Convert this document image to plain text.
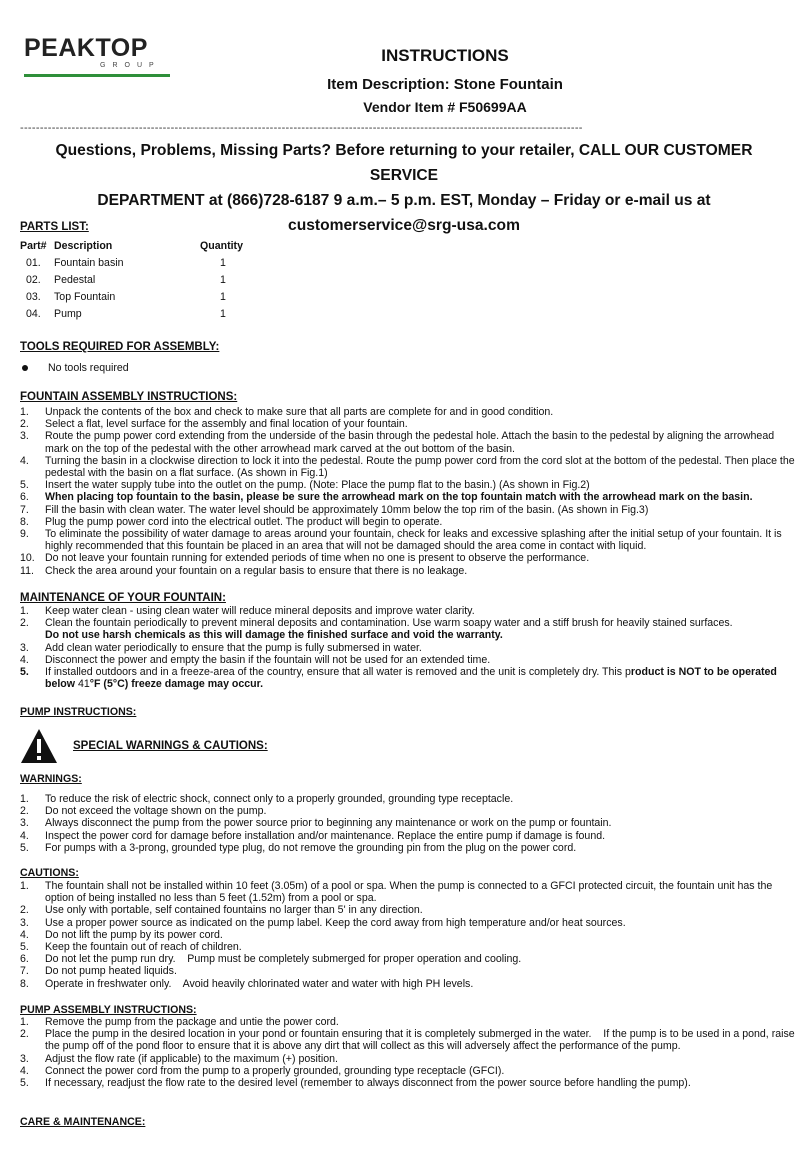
PEAKTOP
GROUP
INSTRUCTIONS
Item Description: Stone Fountain
Vendor Item # F50699AA
----------------------------------------------------------------------------------------------------------------------------------------------
Questions, Problems, Missing Parts? Before returning to your retailer, CALL OUR CUSTOMER SERVICE
DEPARTMENT at (866)728-6187 9 a.m.– 5 p.m. EST, Monday – Friday or e-mail us at
customerservice@srg-usa.com
PARTS LIST:
Part#	Description	Quantity
01.	Fountain basin	1
02.	Pedestal	1
03.	Top Fountain	1
04.	Pump	1
TOOLS REQUIRED FOR ASSEMBLY:
No tools required
FOUNTAIN ASSEMBLY INSTRUCTIONS:
1. Unpack the contents of the box and check to make sure that all parts are complete for and in good condition.
2. Select a flat, level surface for the assembly and final location of your fountain.
3. Route the pump power cord extending from the underside of the basin through the pedestal hole. Attach the basin to the pedestal by aligning the arrowhead mark on the top of the pedestal with the other arrowhead mark carved at the out bottom of the basin.
4. Turning the basin in a clockwise direction to lock it into the pedestal. Route the pump power cord from the cord slot at the bottom of the pedestal. Then place the pedestal with the basin on a flat surface. (As shown in Fig.1)
5. Insert the water supply tube into the outlet on the pump. (Note: Place the pump flat to the basin.) (As shown in Fig.2)
6. When placing top fountain to the basin, please be sure the arrowhead mark on the top fountain match with the arrowhead mark on the basin.
7. Fill the basin with clean water. The water level should be approximately 10mm below the top rim of the basin. (As shown in Fig.3)
8. Plug the pump power cord into the electrical outlet. The product will begin to operate.
9. To eliminate the possibility of water damage to areas around your fountain, check for leaks and excessive splashing after the initial setup of your fountain. It is highly recommended that this fountain be placed in an area that will not be damaged should the area come in contact with liquid.
10. Do not leave your fountain running for extended periods of time when no one is present to observe the performance.
11. Check the area around your fountain on a regular basis to ensure that there is no leakage.
MAINTENANCE OF YOUR FOUNTAIN:
1. Keep water clean - using clean water will reduce mineral deposits and improve water clarity.
2. Clean the fountain periodically to prevent mineral deposits and contamination. Use warm soapy water and a stiff brush for heavily stained surfaces.
Do not use harsh chemicals as this will damage the finished surface and void the warranty.
3. Add clean water periodically to ensure that the pump is fully submersed in water.
4. Disconnect the power and empty the basin if the fountain will not be used for an extended time.
5. If installed outdoors and in a freeze-area of the country, ensure that all water is removed and the unit is completely dry. This product is NOT to be operated below 41°F (5°C) freeze damage may occur.
PUMP INSTRUCTIONS:
SPECIAL WARNINGS & CAUTIONS:
WARNINGS:
1. To reduce the risk of electric shock, connect only to a properly grounded, grounding type receptacle.
2. Do not exceed the voltage shown on the pump.
3. Always disconnect the pump from the power source prior to beginning any maintenance or work on the pump or fountain.
4. Inspect the power cord for damage before installation and/or maintenance. Replace the entire pump if damage is found.
5. For pumps with a 3-prong, grounded type plug, do not remove the grounding pin from the plug on the power cord.
CAUTIONS:
1. The fountain shall not be installed within 10 feet (3.05m) of a pool or spa. When the pump is connected to a GFCI protected circuit, the fountain unit has the option of being installed no less than 5 feet (1.52m) from a pool or spa.
2. Use only with portable, self contained fountains no larger than 5' in any direction.
3. Use a proper power source as indicated on the pump label. Keep the cord away from high temperature and/or heat sources.
4. Do not lift the pump by its power cord.
5. Keep the fountain out of reach of children.
6. Do not let the pump run dry.    Pump must be completely submerged for proper operation and cooling.
7. Do not pump heated liquids.
8. Operate in freshwater only.    Avoid heavily chlorinated water and water with high PH levels.
PUMP ASSEMBLY INSTRUCTIONS:
1. Remove the pump from the package and untie the power cord.
2. Place the pump in the desired location in your pond or fountain ensuring that it is completely submerged in the water.    If the pump is to be used in a pond, raise the pump off of the pond floor to ensure that it is above any dirt that will collect as this will adversely affect the performance of the pump.
3. Adjust the flow rate (if applicable) to the maximum (+) position.
4. Connect the power cord from the pump to a properly grounded, grounding type receptacle (GFCI).
5. If necessary, readjust the flow rate to the desired level (remember to always disconnect from the power source before handling the pump).
CARE & MAINTENANCE:
